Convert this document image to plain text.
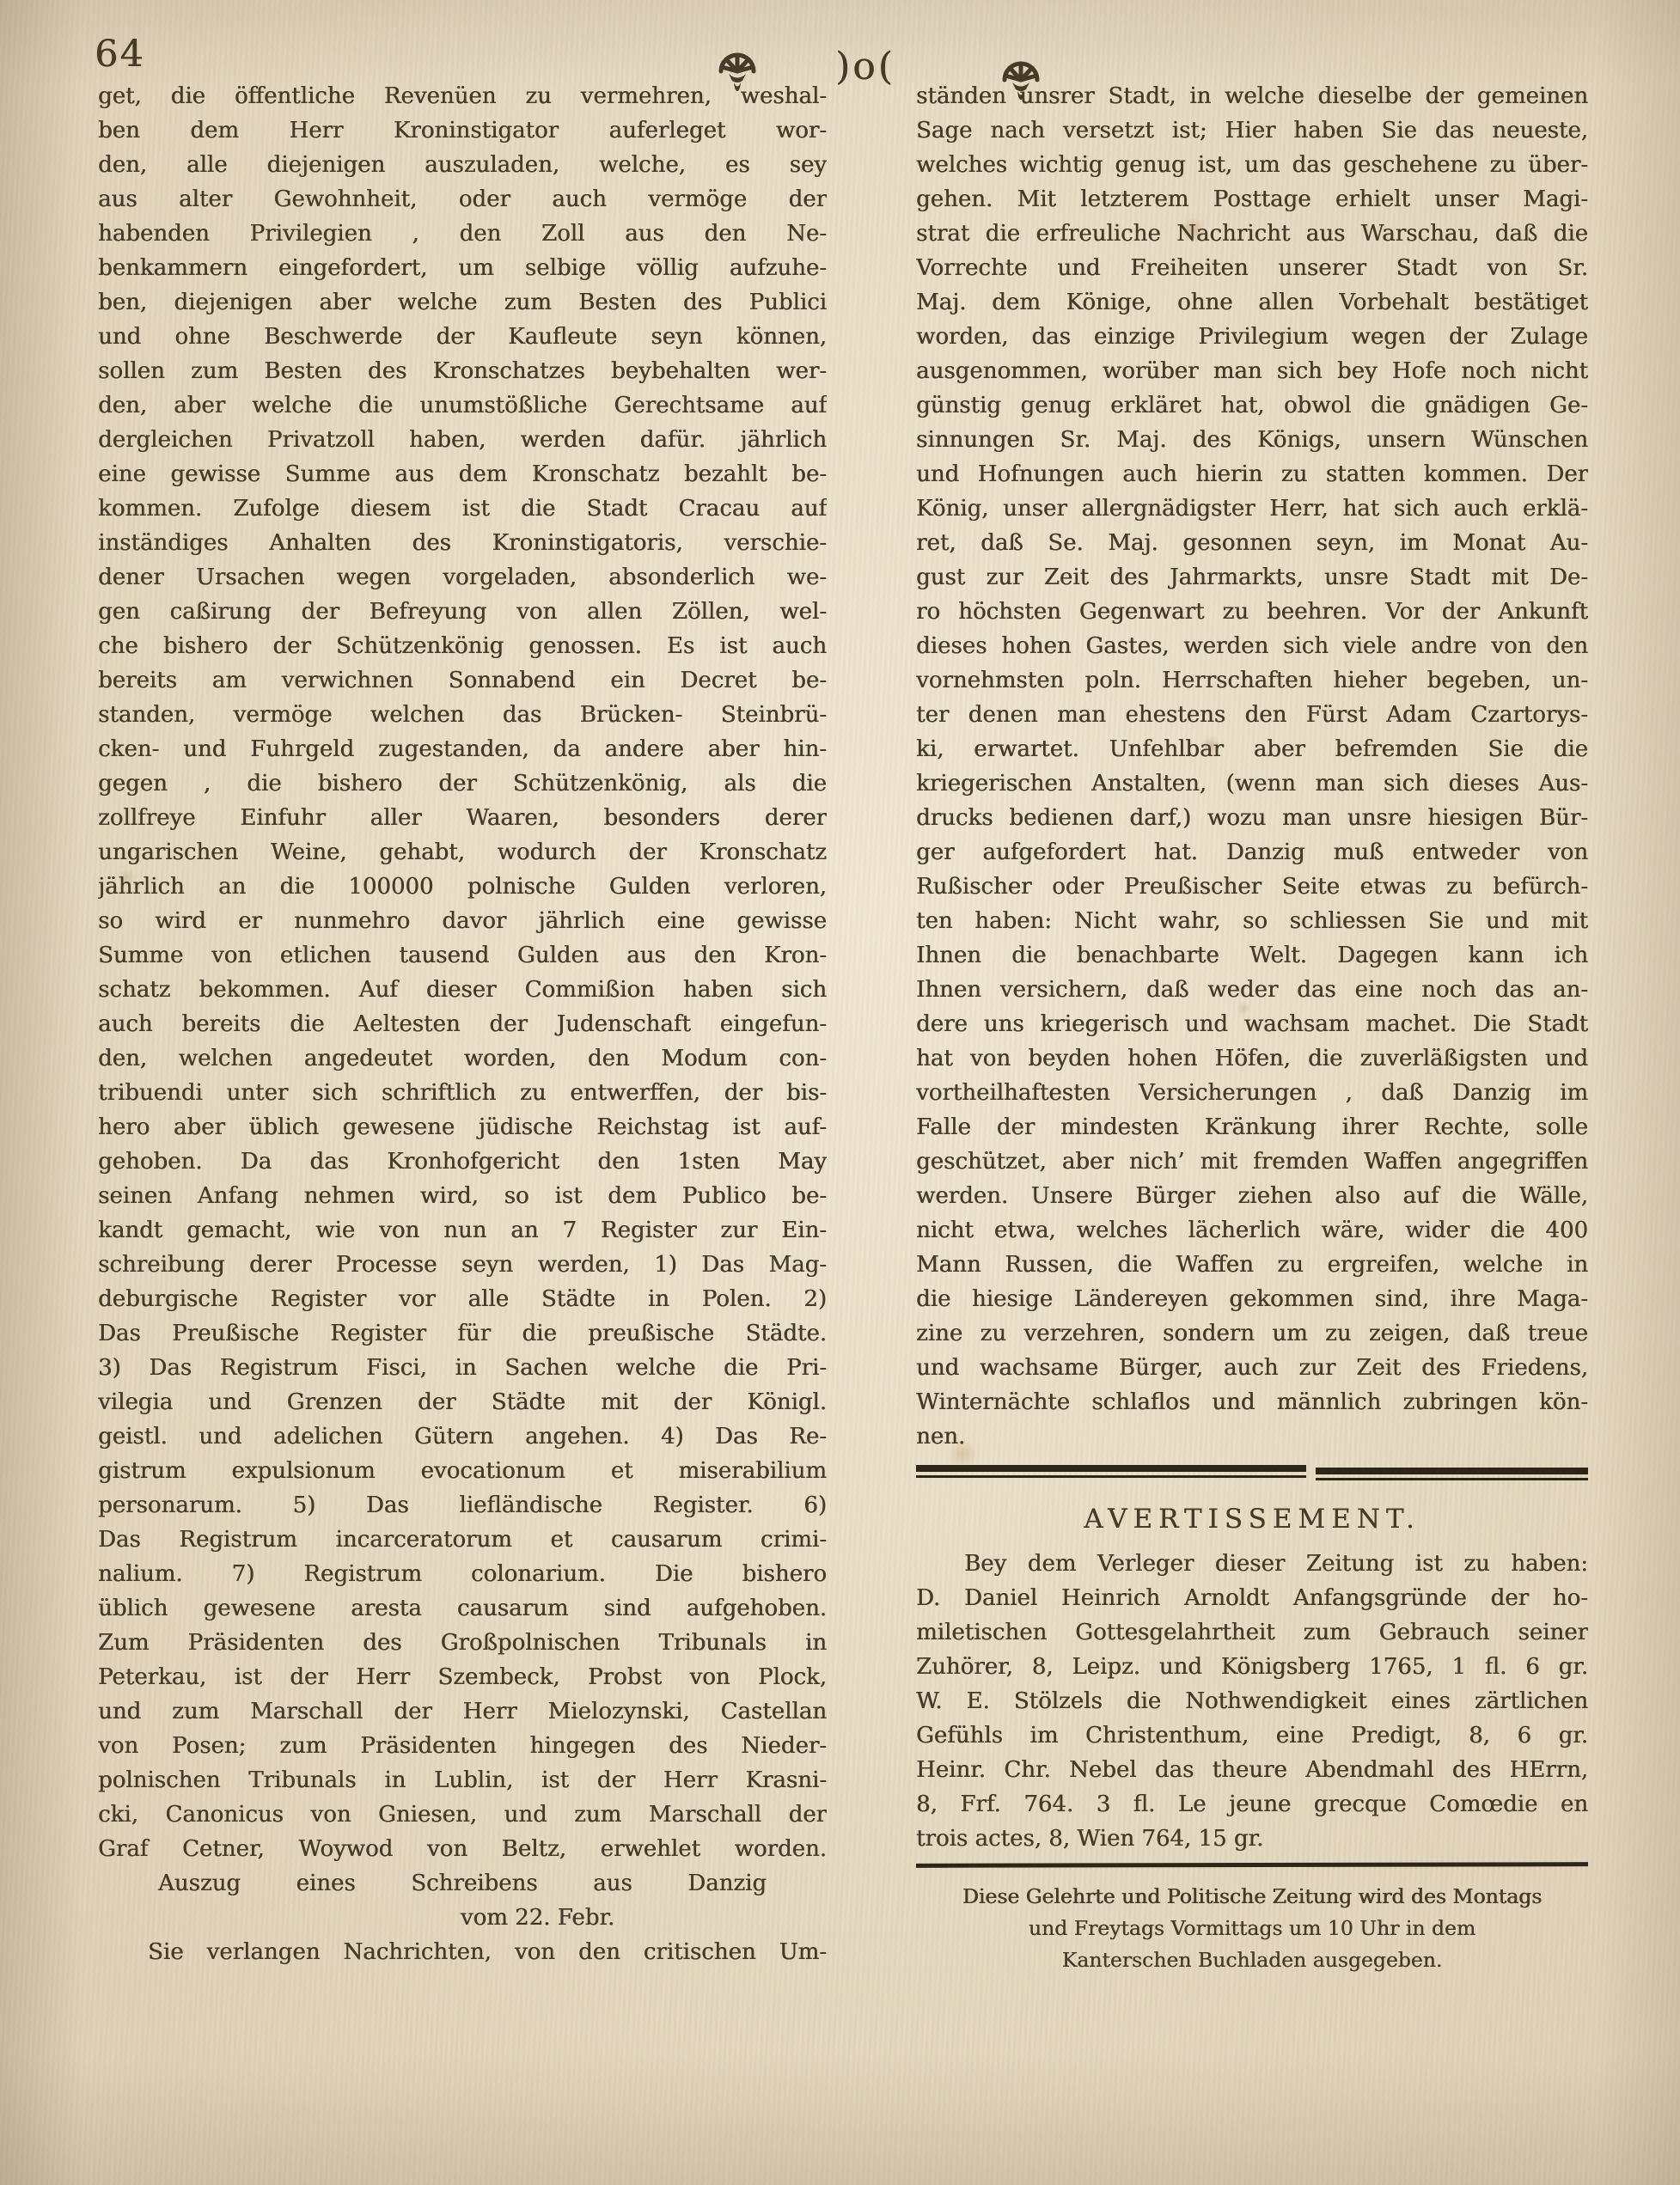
64	)o(
get, die öffentliche Revenüen zu vermehren, weshal-
ben dem Herr Kroninstigator auferleget wor-
den, alle diejenigen auszuladen, welche, es sey
aus alter Gewohnheit, oder auch vermöge der
habenden Privilegien , den Zoll aus den Ne-
benkammern eingefordert, um selbige völlig aufzuhe-
ben, diejenigen aber welche zum Besten des Publici
und ohne Beschwerde der Kaufleute seyn können,
sollen zum Besten des Kronschatzes beybehalten wer-
den, aber welche die unumstößliche Gerechtsame auf
dergleichen Privatzoll haben, werden dafür. jährlich
eine gewisse Summe aus dem Kronschatz bezahlt be-
kommen. Zufolge diesem ist die Stadt Cracau auf
inständiges Anhalten des Kroninstigatoris, verschie-
dener Ursachen wegen vorgeladen, absonderlich we-
gen caßirung der Befreyung von allen Zöllen, wel-
che bishero der Schützenkönig genossen. Es ist auch
bereits am verwichnen Sonnabend ein Decret be-
standen, vermöge welchen das Brücken- Steinbrü-
cken- und Fuhrgeld zugestanden, da andere aber hin-
gegen , die bishero der Schützenkönig, als die
zollfreye Einfuhr aller Waaren, besonders derer
ungarischen Weine, gehabt, wodurch der Kronschatz
jährlich an die 100000 polnische Gulden verloren,
so wird er nunmehro davor jährlich eine gewisse
Summe von etlichen tausend Gulden aus den Kron-
schatz bekommen. Auf dieser Commißion haben sich
auch bereits die Aeltesten der Judenschaft eingefun-
den, welchen angedeutet worden, den Modum con-
tribuendi unter sich schriftlich zu entwerffen, der bis-
hero aber üblich gewesene jüdische Reichstag ist auf-
gehoben. Da das Kronhofgericht den 1sten May
seinen Anfang nehmen wird, so ist dem Publico be-
kandt gemacht, wie von nun an 7 Register zur Ein-
schreibung derer Processe seyn werden, 1) Das Mag-
deburgische Register vor alle Städte in Polen. 2)
Das Preußische Register für die preußische Städte.
3) Das Registrum Fisci, in Sachen welche die Pri-
vilegia und Grenzen der Städte mit der Königl.
geistl. und adelichen Gütern angehen. 4) Das Re-
gistrum expulsionum evocationum et miserabilium
personarum. 5) Das liefländische Register. 6)
Das Registrum incarceratorum et causarum crimi-
nalium. 7) Registrum colonarium. Die bishero
üblich gewesene aresta causarum sind aufgehoben.
Zum Präsidenten des Großpolnischen Tribunals in
Peterkau, ist der Herr Szembeck, Probst von Plock,
und zum Marschall der Herr Mielozynski, Castellan
von Posen; zum Präsidenten hingegen des Nieder-
polnischen Tribunals in Lublin, ist der Herr Krasni-
cki, Canonicus von Gniesen, und zum Marschall der
Graf Cetner, Woywod von Beltz, erwehlet worden.
Auszug eines Schreibens aus Danzig
vom 22. Febr.
Sie verlangen Nachrichten, von den critischen Um-
ständen unsrer Stadt, in welche dieselbe der gemeinen
Sage nach versetzt ist; Hier haben Sie das neueste,
welches wichtig genug ist, um das geschehene zu über-
gehen. Mit letzterem Posttage erhielt unser Magi-
strat die erfreuliche Nachricht aus Warschau, daß die
Vorrechte und Freiheiten unserer Stadt von Sr.
Maj. dem Könige, ohne allen Vorbehalt bestätiget
worden, das einzige Privilegium wegen der Zulage
ausgenommen, worüber man sich bey Hofe noch nicht
günstig genug erkläret hat, obwol die gnädigen Ge-
sinnungen Sr. Maj. des Königs, unsern Wünschen
und Hofnungen auch hierin zu statten kommen. Der
König, unser allergnädigster Herr, hat sich auch erklä-
ret, daß Se. Maj. gesonnen seyn, im Monat Au-
gust zur Zeit des Jahrmarkts, unsre Stadt mit De-
ro höchsten Gegenwart zu beehren. Vor der Ankunft
dieses hohen Gastes, werden sich viele andre von den
vornehmsten poln. Herrschaften hieher begeben, un-
ter denen man ehestens den Fürst Adam Czartorys-
ki, erwartet. Unfehlbar aber befremden Sie die
kriegerischen Anstalten, (wenn man sich dieses Aus-
drucks bedienen darf,) wozu man unsre hiesigen Bür-
ger aufgefordert hat. Danzig muß entweder von
Rußischer oder Preußischer Seite etwas zu befürch-
ten haben: Nicht wahr, so schliessen Sie und mit
Ihnen die benachbarte Welt. Dagegen kann ich
Ihnen versichern, daß weder das eine noch das an-
dere uns kriegerisch und wachsam machet. Die Stadt
hat von beyden hohen Höfen, die zuverläßigsten und
vortheilhaftesten Versicherungen , daß Danzig im
Falle der mindesten Kränkung ihrer Rechte, solle
geschützet, aber nich’ mit fremden Waffen angegriffen
werden. Unsere Bürger ziehen also auf die Wälle,
nicht etwa, welches lächerlich wäre, wider die 400
Mann Russen, die Waffen zu ergreifen, welche in
die hiesige Ländereyen gekommen sind, ihre Maga-
zine zu verzehren, sondern um zu zeigen, daß treue
und wachsame Bürger, auch zur Zeit des Friedens,
Winternächte schlaflos und männlich zubringen kön-
nen.
AVERTISSEMENT.
Bey dem Verleger dieser Zeitung ist zu haben:
D. Daniel Heinrich Arnoldt Anfangsgründe der ho-
miletischen Gottesgelahrtheit zum Gebrauch seiner
Zuhörer, 8, Leipz. und Königsberg 1765, 1 fl. 6 gr.
W. E. Stölzels die Nothwendigkeit eines zärtlichen
Gefühls im Christenthum, eine Predigt, 8, 6 gr.
Heinr. Chr. Nebel das theure Abendmahl des HErrn,
8, Frf. 764. 3 fl. Le jeune grecque Comœdie en
trois actes, 8, Wien 764, 15 gr.
Diese Gelehrte und Politische Zeitung wird des Montags
und Freytags Vormittags um 10 Uhr in dem
Kanterschen Buchladen ausgegeben.
